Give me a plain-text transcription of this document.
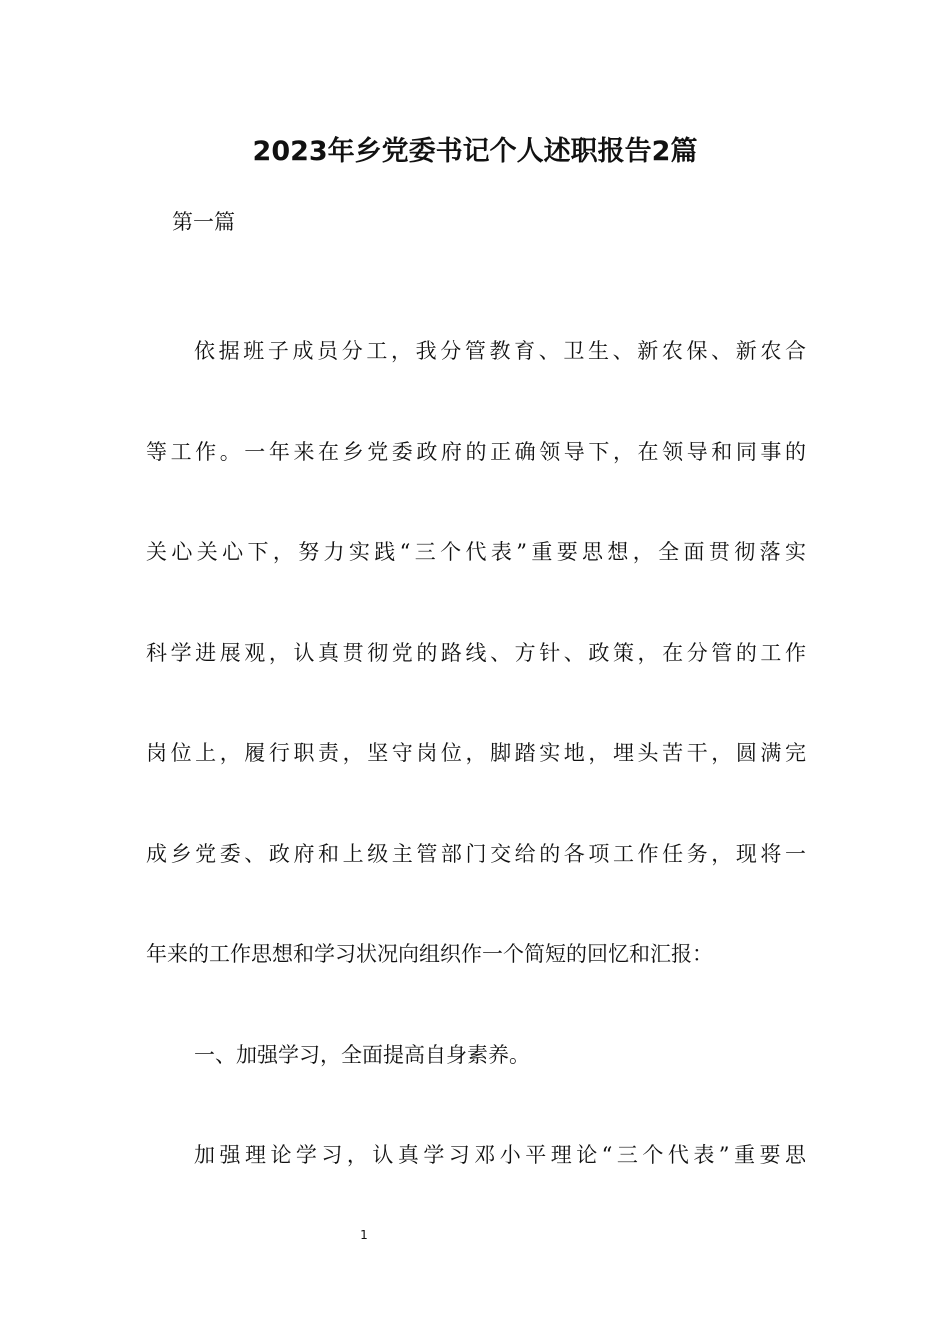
2023年乡党委书记个人述职报告2篇
第一篇
依据班子成员分工，我分管教育、卫生、新农保、新农合
等工作。一年来在乡党委政府的正确领导下，在领导和同事的
关心关心下，努力实践“三个代表”重要思想，全面贯彻落实
科学进展观，认真贯彻党的路线、方针、政策，在分管的工作
岗位上，履行职责，坚守岗位，脚踏实地，埋头苦干，圆满完
成乡党委、政府和上级主管部门交给的各项工作任务，现将一
年来的工作思想和学习状况向组织作一个简短的回忆和汇报：
一、加强学习，全面提高自身素养。
加强理论学习，认真学习邓小平理论“三个代表”重要思
1
